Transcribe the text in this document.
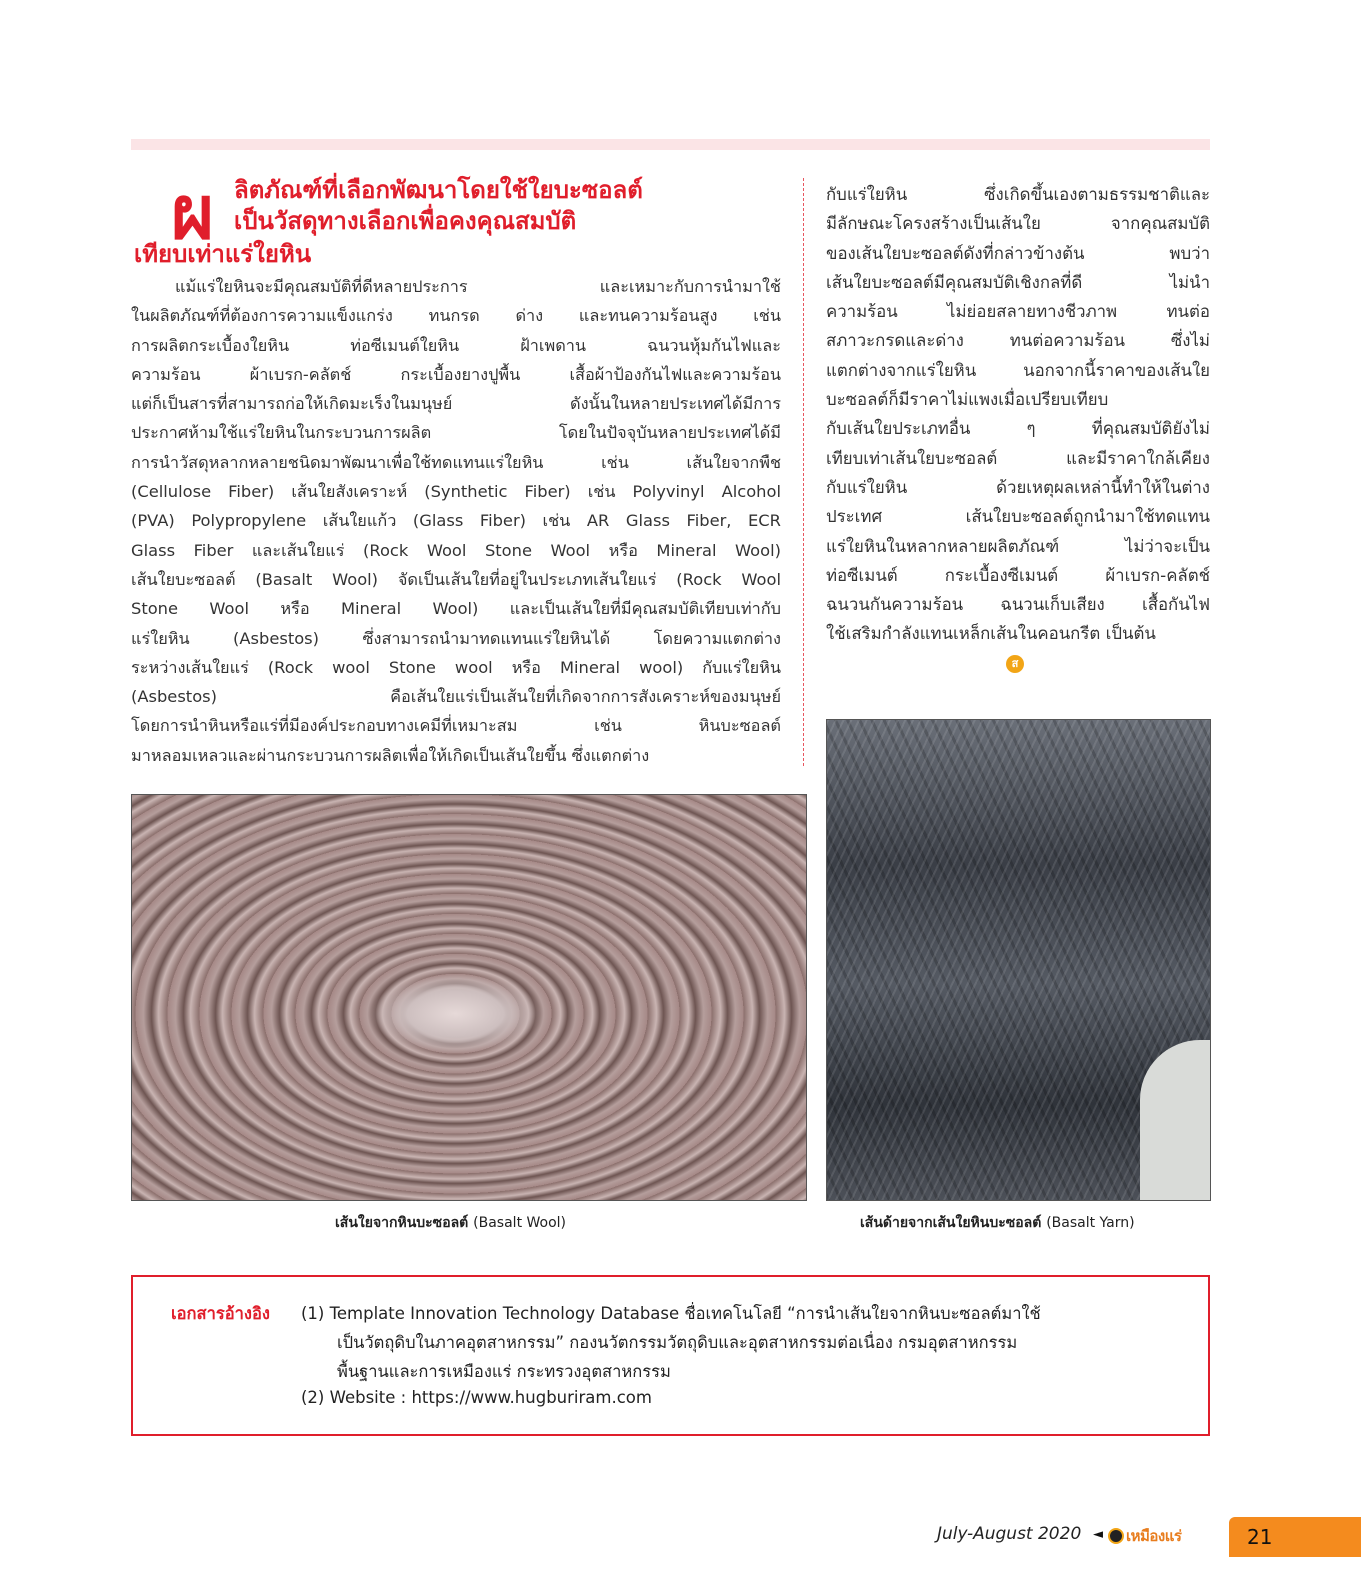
ผ ลิตภัณฑ์ที่เลือกพัฒนาโดยใช้ใยบะซอลต์
เป็นวัสดุทางเลือกเพื่อคงคุณสมบัติ
เทียบเท่าแร่ใยหิน

แม้แร่ใยหินจะมีคุณสมบัติที่ดีหลายประการ และเหมาะกับการนำมาใช้

ในผลิตภัณฑ์ที่ต้องการความแข็งแกร่ง ทนกรด ด่าง และทนความร้อนสูง เช่น

การผลิตกระเบื้องใยหิน ท่อซีเมนต์ใยหิน ฝ้าเพดาน ฉนวนหุ้มกันไฟและ

ความร้อน ผ้าเบรก-คลัตช์ กระเบื้องยางปูพื้น เสื้อผ้าป้องกันไฟและความร้อน

แต่ก็เป็นสารที่สามารถก่อให้เกิดมะเร็งในมนุษย์ ดังนั้นในหลายประเทศได้มีการ

ประกาศห้ามใช้แร่ใยหินในกระบวนการผลิต โดยในปัจจุบันหลายประเทศได้มี

การนำวัสดุหลากหลายชนิดมาพัฒนาเพื่อใช้ทดแทนแร่ใยหิน เช่น เส้นใยจากพืช

(Cellulose Fiber) เส้นใยสังเคราะห์ (Synthetic Fiber) เช่น Polyvinyl Alcohol

(PVA) Polypropylene เส้นใยแก้ว (Glass Fiber) เช่น AR Glass Fiber, ECR

Glass Fiber และเส้นใยแร่ (Rock Wool Stone Wool หรือ Mineral Wool)

เส้นใยบะซอลต์ (Basalt Wool) จัดเป็นเส้นใยที่อยู่ในประเภทเส้นใยแร่ (Rock Wool

Stone Wool หรือ Mineral Wool) และเป็นเส้นใยที่มีคุณสมบัติเทียบเท่ากับ

แร่ใยหิน (Asbestos) ซึ่งสามารถนำมาทดแทนแร่ใยหินได้ โดยความแตกต่าง

ระหว่างเส้นใยแร่ (Rock wool Stone wool หรือ Mineral wool) กับแร่ใยหิน

(Asbestos) คือเส้นใยแร่เป็นเส้นใยที่เกิดจากการสังเคราะห์ของมนุษย์

โดยการนำหินหรือแร่ที่มีองค์ประกอบทางเคมีที่เหมาะสม เช่น หินบะซอลต์

มาหลอมเหลวและผ่านกระบวนการผลิตเพื่อให้เกิดเป็นเส้นใยขึ้น ซึ่งแตกต่าง

กับแร่ใยหิน ซึ่งเกิดขึ้นเองตามธรรมชาติและ

มีลักษณะโครงสร้างเป็นเส้นใย จากคุณสมบัติ

ของเส้นใยบะซอลต์ดังที่กล่าวข้างต้น พบว่า

เส้นใยบะซอลต์มีคุณสมบัติเชิงกลที่ดี ไม่นำ

ความร้อน ไม่ย่อยสลายทางชีวภาพ ทนต่อ

สภาวะกรดและด่าง ทนต่อความร้อน ซึ่งไม่

แตกต่างจากแร่ใยหิน นอกจากนี้ราคาของเส้นใย

บะซอลต์ก็มีราคาไม่แพงเมื่อเปรียบเทียบ

กับเส้นใยประเภทอื่น ๆ ที่คุณสมบัติยังไม่

เทียบเท่าเส้นใยบะซอลต์ และมีราคาใกล้เคียง

กับแร่ใยหิน ด้วยเหตุผลเหล่านี้ทำให้ในต่าง

ประเทศ เส้นใยบะซอลต์ถูกนำมาใช้ทดแทน

แร่ใยหินในหลากหลายผลิตภัณฑ์ ไม่ว่าจะเป็น

ท่อซีเมนต์ กระเบื้องซีเมนต์ ผ้าเบรก-คลัตช์

ฉนวนกันความร้อน ฉนวนเก็บเสียง เสื้อกันไฟ

ใช้เสริมกำลังแทนเหล็กเส้นในคอนกรีต เป็นต้น

ส
เส้นใยจากหินบะซอลต์ (Basalt Wool)	เส้นด้ายจากเส้นใยหินบะซอลต์ (Basalt Yarn)
เอกสารอ้างอิง (1) Template Innovation Technology Database ชื่อเทคโนโลยี “การนำเส้นใยจากหินบะซอลต์มาใช้
เป็นวัตถุดิบในภาคอุตสาหกรรม” กองนวัตกรรมวัตถุดิบและอุตสาหกรรมต่อเนื่อง กรมอุตสาหกรรม
พื้นฐานและการเหมืองแร่ กระทรวงอุตสาหกรรม
(2) Website : https://www.hugburiram.com
July-August 2020 ◄ เหมืองแร่	21
